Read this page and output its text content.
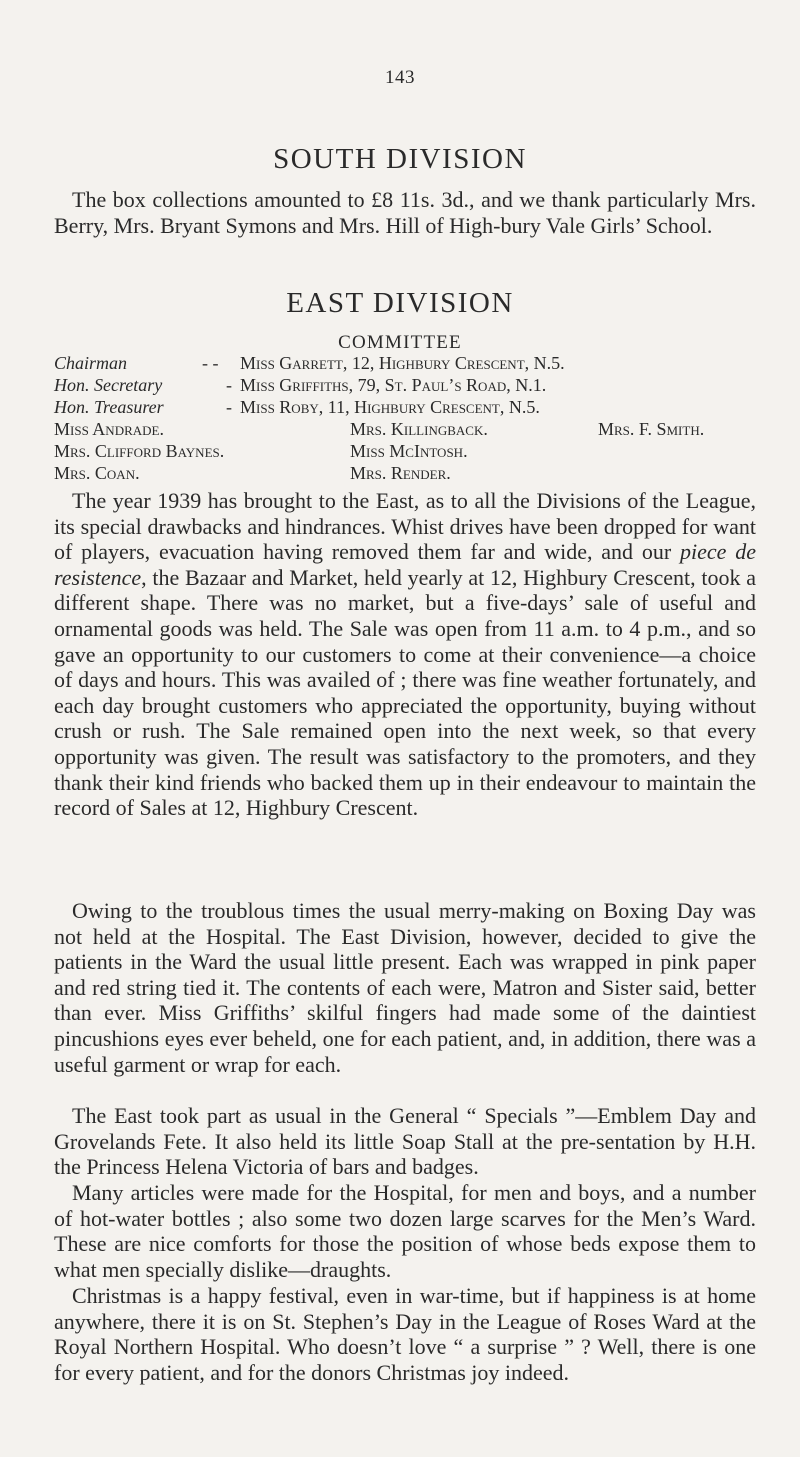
143
SOUTH DIVISION

The box collections amounted to £8 11s. 3d., and we thank particularly Mrs. Berry, Mrs. Bryant Symons and Mrs. Hill of High-bury Vale Girls’ School.

EAST DIVISION
COMMITTEE
Chairman	- - Miss Garrett, 12, Highbury Crescent, N.5.
Hon. Secretary	- Miss Griffiths, 79, St. Paul’s Road, N.1.
Hon. Treasurer	- Miss Roby, 11, Highbury Crescent, N.5.
Miss Andrade.	Mrs. Killingback.	Mrs. F. Smith.
Mrs. Clifford Baynes.	Miss McIntosh.
Mrs. Coan.	Mrs. Render.

The year 1939 has brought to the East, as to all the Divisions of the League, its special drawbacks and hindrances. Whist drives have been dropped for want of players, evacuation having removed them far and wide, and our piece de resistence, the Bazaar and Market, held yearly at 12, Highbury Crescent, took a different shape. There was no market, but a five-days’ sale of useful and ornamental goods was held. The Sale was open from 11 a.m. to 4 p.m., and so gave an opportunity to our customers to come at their convenience—a choice of days and hours. This was availed of ; there was fine weather fortunately, and each day brought customers who appreciated the opportunity, buying without crush or rush. The Sale remained open into the next week, so that every opportunity was given. The result was satisfactory to the promoters, and they thank their kind friends who backed them up in their endeavour to maintain the record of Sales at 12, Highbury Crescent.

Owing to the troublous times the usual merry-making on Boxing Day was not held at the Hospital. The East Division, however, decided to give the patients in the Ward the usual little present. Each was wrapped in pink paper and red string tied it. The contents of each were, Matron and Sister said, better than ever. Miss Griffiths’ skilful fingers had made some of the daintiest pincushions eyes ever beheld, one for each patient, and, in addition, there was a useful garment or wrap for each.

The East took part as usual in the General “ Specials ”—Emblem Day and Grovelands Fete. It also held its little Soap Stall at the pre-sentation by H.H. the Princess Helena Victoria of bars and badges.

Many articles were made for the Hospital, for men and boys, and a number of hot-water bottles ; also some two dozen large scarves for the Men’s Ward. These are nice comforts for those the position of whose beds expose them to what men specially dislike—draughts.

Christmas is a happy festival, even in war-time, but if happiness is at home anywhere, there it is on St. Stephen’s Day in the League of Roses Ward at the Royal Northern Hospital. Who doesn’t love “ a surprise ” ? Well, there is one for every patient, and for the donors Christmas joy indeed.
